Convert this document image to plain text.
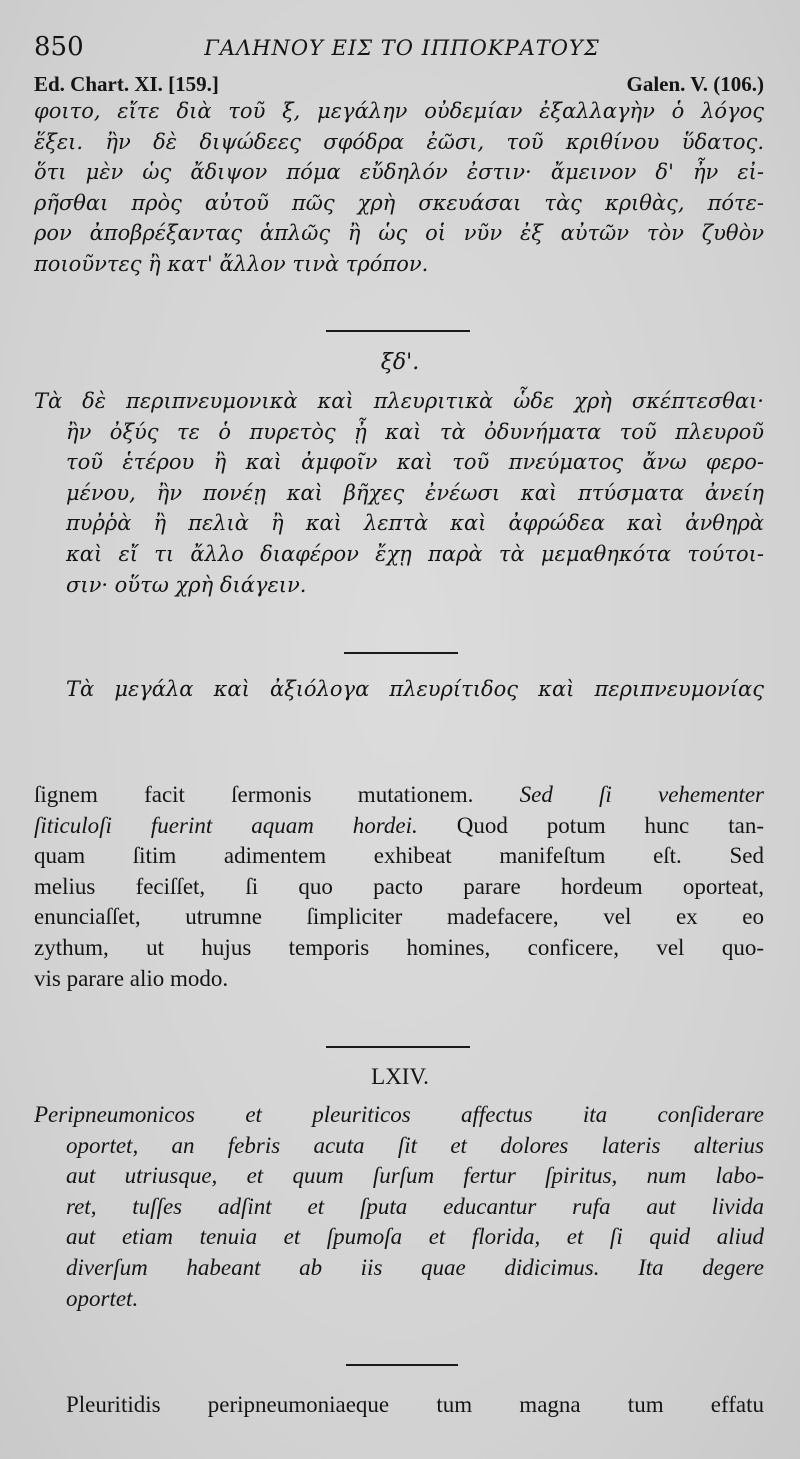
850	ΓΑΛΗΝΟΥ ΕΙΣ ΤΟ ΙΠΠΟΚΡΑΤΟΥΣ
Ed. Chart. XI. [159.]	Galen. V. (106.)
φοιτο, εἴτε διὰ τοῦ ξ, μεγάλην οὐδεμίαν ἐξαλλαγὴν ὁ λόγος
ἕξει. ἢν δὲ διψώδεες σφόδρα ἐῶσι, τοῦ κριθίνου ὕδατος.
ὅτι μὲν ὡς ἄδιψον πόμα εὔδηλόν ἐστιν· ἄμεινον δ' ἦν εἰ-
ρῆσθαι πρὸς αὐτοῦ πῶς χρὴ σκευάσαι τὰς κριθὰς, πότε-
ρον ἀποβρέξαντας ἁπλῶς ἢ ὡς οἱ νῦν ἐξ αὐτῶν τὸν ζυθὸν
ποιοῦντες ἢ κατ' ἄλλον τινὰ τρόπον.
ξδ'.
Τὰ δὲ περιπνευμονικὰ καὶ πλευριτικὰ ὧδε χρὴ σκέπτεσθαι·
ἢν ὀξύς τε ὁ πυρετὸς ᾖ καὶ τὰ ὀδυνήματα τοῦ πλευροῦ
τοῦ ἑτέρου ἢ καὶ ἀμφοῖν καὶ τοῦ πνεύματος ἄνω φερο-
μένου, ἢν πονέῃ καὶ βῆχες ἐνέωσι καὶ πτύσματα ἀνείη
πυῤῥὰ ἢ πελιὰ ἢ καὶ λεπτὰ καὶ ἀφρώδεα καὶ ἀνθηρὰ
καὶ εἴ τι ἄλλο διαφέρον ἔχῃ παρὰ τὰ μεμαθηκότα τούτοι-
σιν· οὕτω χρὴ διάγειν.
Τὰ μεγάλα καὶ ἀξιόλογα πλευρίτιδος καὶ περιπνευμονίας
ſignem facit ſermonis mutationem. Sed ſi vehementer
ſiticuloſi fuerint aquam hordei. Quod potum hunc tan-
quam ſitim adimentem exhibeat manifeſtum eſt. Sed
melius feciſſet, ſi quo pacto parare hordeum oporteat,
enunciaſſet, utrumne ſimpliciter madefacere, vel ex eo
zythum, ut hujus temporis homines, conficere, vel quo-
vis parare alio modo.
LXIV.
Peripneumonicos et pleuriticos affectus ita conſiderare
oportet, an febris acuta ſit et dolores lateris alterius
aut utriusque, et quum ſurſum fertur ſpiritus, num labo-
ret, tuſſes adſint et ſputa educantur rufa aut livida
aut etiam tenuia et ſpumoſa et florida, et ſi quid aliud
diverſum habeant ab iis quae didicimus. Ita degere
oportet.
Pleuritidis peripneumoniaeque tum magna tum effatu
